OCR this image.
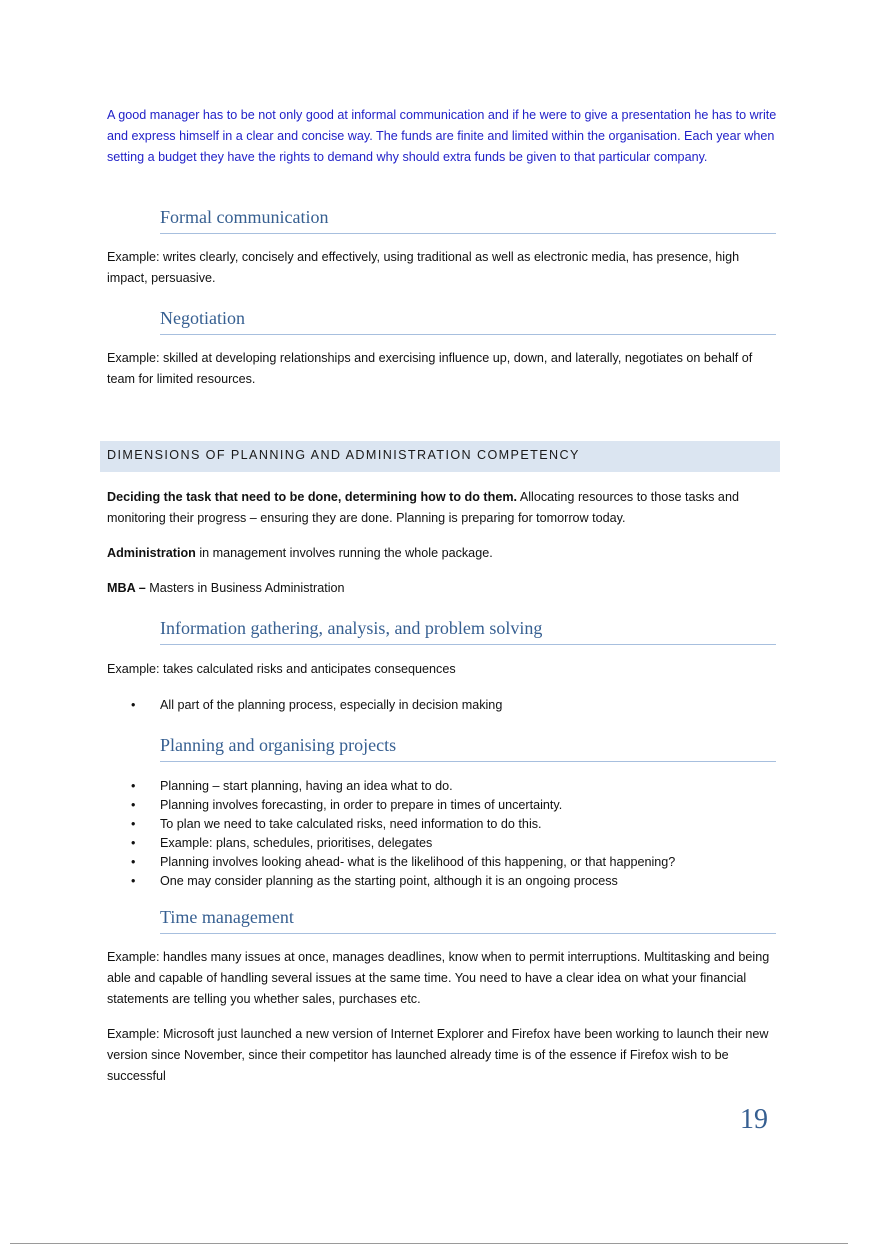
A good manager has to be not only good at informal communication and if he were to give a presentation he has to write and express himself in a clear and concise way. The funds are finite and limited within the organisation. Each year when setting a budget they have the rights to demand why should extra funds be given to that particular company.

Formal communication

Example: writes clearly, concisely and effectively, using traditional as well as electronic media, has presence, high impact, persuasive.

Negotiation

Example: skilled at developing relationships and exercising influence up, down, and laterally, negotiates on behalf of team for limited resources.

DIMENSIONS OF PLANNING AND ADMINISTRATION COMPETENCY

Deciding the task that need to be done, determining how to do them. Allocating resources to those tasks and monitoring their progress – ensuring they are done. Planning is preparing for tomorrow today.

Administration in management involves running the whole package.

MBA – Masters in Business Administration

Information gathering, analysis, and problem solving

Example: takes calculated risks and anticipates consequences

• All part of the planning process, especially in decision making
Planning and organising projects
• Planning – start planning, having an idea what to do.
• Planning involves forecasting, in order to prepare in times of uncertainty.
• To plan we need to take calculated risks, need information to do this.
• Example: plans, schedules, prioritises, delegates
• Planning involves looking ahead- what is the likelihood of this happening, or that happening?
• One may consider planning as the starting point, although it is an ongoing process
Time management

Example: handles many issues at once, manages deadlines, know when to permit interruptions. Multitasking and being able and capable of handling several issues at the same time. You need to have a clear idea on what your financial statements are telling you whether sales, purchases etc.

Example: Microsoft just launched a new version of Internet Explorer and Firefox have been working to launch their new version since November, since their competitor has launched already time is of the essence if Firefox wish to be successful

19
